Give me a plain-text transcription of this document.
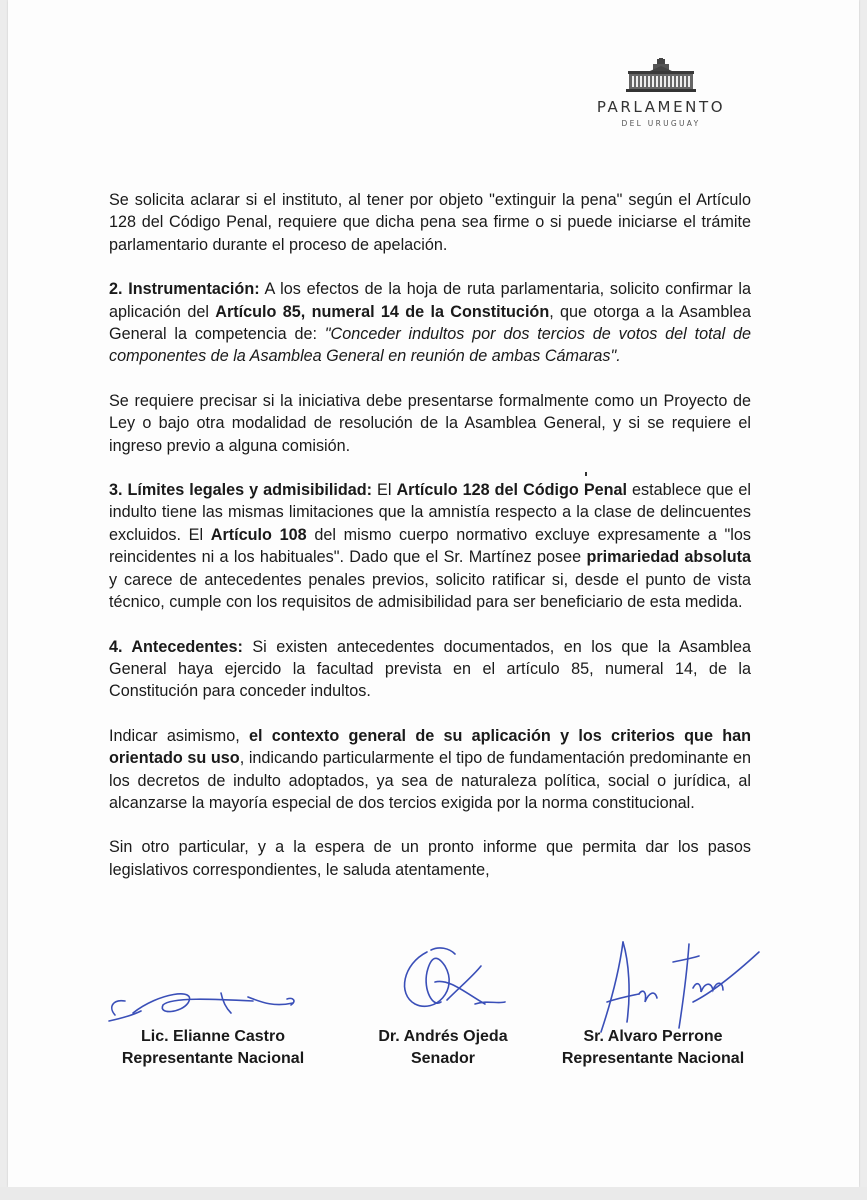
PARLAMENTO
DEL URUGUAY

Se solicita aclarar si el instituto, al tener por objeto "extinguir la pena" según el Artículo 128 del Código Penal, requiere que dicha pena sea firme o si puede iniciarse el trámite parlamentario durante el proceso de apelación.

2. Instrumentación: A los efectos de la hoja de ruta parlamentaria, solicito confirmar la aplicación del Artículo 85, numeral 14 de la Constitución, que otorga a la Asamblea General la competencia de: "Conceder indultos por dos tercios de votos del total de componentes de la Asamblea General en reunión de ambas Cámaras".

Se requiere precisar si la iniciativa debe presentarse formalmente como un Proyecto de Ley o bajo otra modalidad de resolución de la Asamblea General, y si se requiere el ingreso previo a alguna comisión.

3. Límites legales y admisibilidad: El Artículo 128 del Código Penal establece que el indulto tiene las mismas limitaciones que la amnistía respecto a la clase de delincuentes excluidos. El Artículo 108 del mismo cuerpo normativo excluye expresamente a "los reincidentes ni a los habituales". Dado que el Sr. Martínez posee primariedad absoluta y carece de antecedentes penales previos, solicito ratificar si, desde el punto de vista técnico, cumple con los requisitos de admisibilidad para ser beneficiario de esta medida.

4. Antecedentes: Si existen antecedentes documentados, en los que la Asamblea General haya ejercido la facultad prevista en el artículo 85, numeral 14, de la Constitución para conceder indultos.

Indicar asimismo, el contexto general de su aplicación y los criterios que han orientado su uso, indicando particularmente el tipo de fundamentación predominante en los decretos de indulto adoptados, ya sea de naturaleza política, social o jurídica, al alcanzarse la mayoría especial de dos tercios exigida por la norma constitucional.

Sin otro particular, y a la espera de un pronto informe que permita dar los pasos legislativos correspondientes, le saluda atentamente,

Lic. Elianne Castro
Representante Nacional
Dr. Andrés Ojeda
Senador
Sr. Alvaro Perrone
Representante Nacional
